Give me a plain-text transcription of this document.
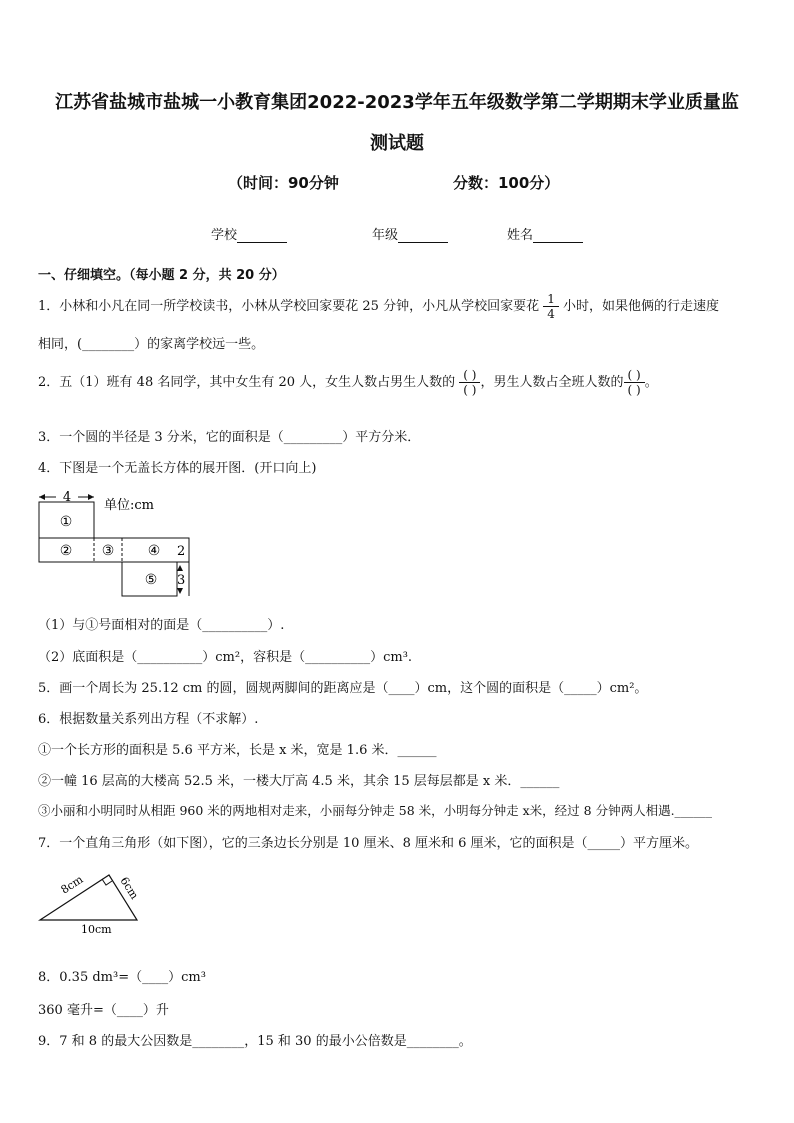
江苏省盐城市盐城一小教育集团2022-2023学年五年级数学第二学期期末学业质量监
测试题
（时间：90分钟	分数：100分）
学校	年级	姓名
一、仔细填空。（每小题 2 分，共 20 分）
1．小林和小凡在同一所学校读书，小林从学校回家要花 25 分钟，小凡从学校回家要花 $\frac{1}{4}$ 小时，如果他俩的行走速度
相同，(________）的家离学校远一些。
2．五（1）班有 48 名同学，其中女生有 20 人，女生人数占男生人数的 $\frac{( )}{( )}$ ，男生人数占全班人数的 $\frac{( )}{( )}$ 。
3．一个圆的半径是 3 分米，它的面积是（_________）平方分米．
4．下图是一个无盖长方体的展开图．(开口向上)
4
单位:cm
①
② ③ ④
⑤
2
3
（1）与①号面相对的面是（__________）.
（2）底面积是（__________）cm²，容积是（__________）cm³.
5．画一个周长为 25.12 cm 的圆，圆规两脚间的距离应是（____）cm，这个圆的面积是（_____）cm²。
6．根据数量关系列出方程（不求解）.
①一个长方形的面积是 5.6 平方米，长是 x 米，宽是 1.6 米．______
②一幢 16 层高的大楼高 52.5 米，一楼大厅高 4.5 米，其余 15 层每层都是 x 米．______
③小丽和小明同时从相距 960 米的两地相对走来，小丽每分钟走 58 米，小明每分钟走 x米，经过 8 分钟两人相遇.______
7．一个直角三角形（如下图），它的三条边长分别是 10 厘米、8 厘米和 6 厘米，它的面积是（_____）平方厘米。
8cm	6cm
10cm
8．0.35 dm³=（____）cm³
360 毫升=（____）升
9．7 和 8 的最大公因数是________，15 和 30 的最小公倍数是________。
